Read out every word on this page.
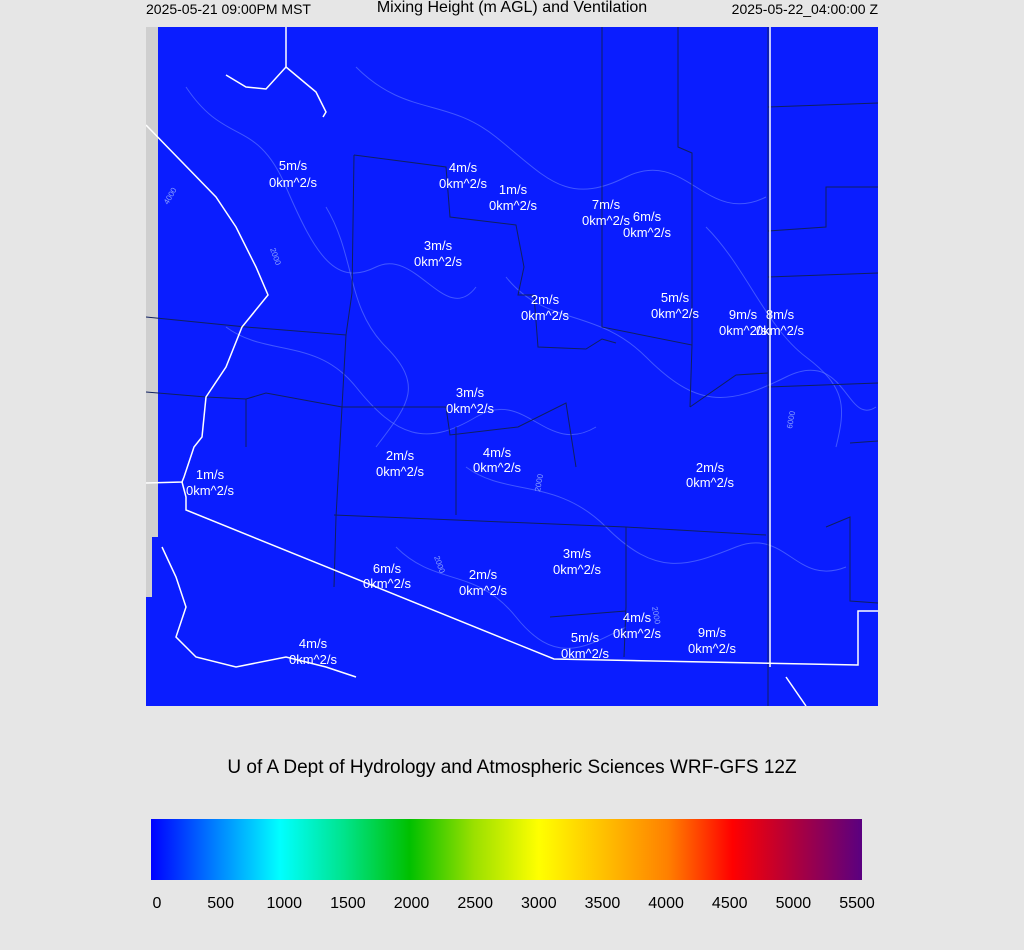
2025-05-21 09:00PM MST	Mixing Height (m AGL) and Ventilation	2025-05-22_04:00:00 Z
4000
2000
2000
6000
2000
2000
5m/s
0km^2/s
4m/s
0km^2/s 1m/s
0km^2/s	7m/s
0km^2/s 6m/s
0km^2/s
3m/s
0km^2/s
2m/s
0km^2/s
5m/s
0km^2/s 9m/s
0km^2/s
8m/s
0km^2/s
3m/s
0km^2/s
2m/s
0km^2/s
4m/s
0km^2/s
1m/s
0km^2/s
2m/s
0km^2/s
3m/s
0km^2/s
6m/s
0km^2/s
2m/s
0km^2/s
4m/s
0km^2/s
4m/s
0km^2/s
5m/s
0km^2/s
9m/s
0km^2/s
U of A Dept of Hydrology and Atmospheric Sciences WRF-GFS 12Z
0	500 1000 1500 2000 2500 3000 3500 4000 4500 5000 5500
